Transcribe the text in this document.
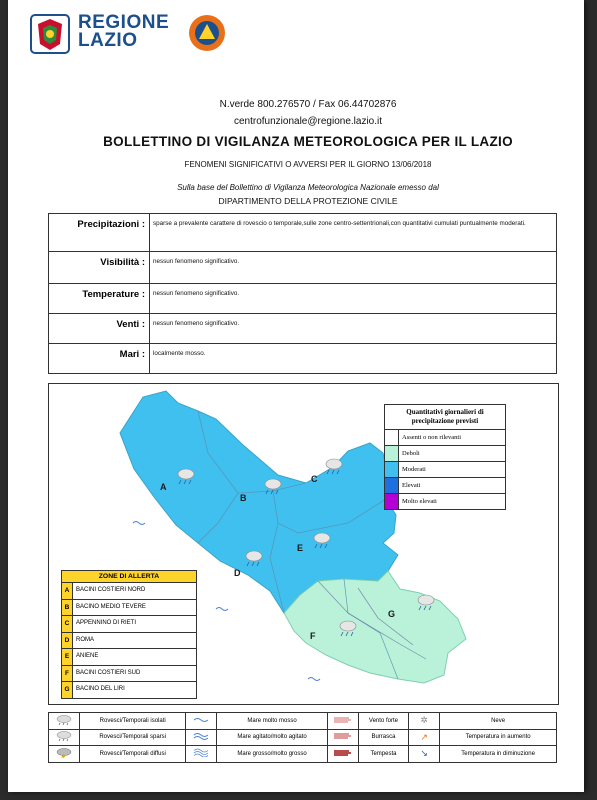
REGIONE
LAZIO
N.verde 800.276570 / Fax 06.44702876
centrofunzionale@regione.lazio.it
BOLLETTINO DI VIGILANZA METEOROLOGICA PER IL LAZIO
FENOMENI SIGNIFICATIVI O AVVERSI PER IL GIORNO 13/06/2018
Sulla base del Bollettino di Vigilanza Meteorologica Nazionale emesso dal
DIPARTIMENTO DELLA PROTEZIONE CIVILE
Precipitazioni :	sparse a prevalente carattere di rovescio o temporale,sulle zone centro-settentrionali,con quantitativi cumulati puntualmente moderati.
Visibilità :	nessun fenomeno significativo.
Temperature :	nessun fenomeno significativo.
Venti :	nessun fenomeno significativo.
Mari :	localmente mosso.
A
B
C
D
E
F
G
Quantitativi giornalieri di precipitazione previsti
Assenti o non rilevanti
Deboli
Moderati
Elevati
Molto elevati
ZONE DI ALLERTA
A	BACINI COSTIERI NORD
B	BACINO MEDIO TEVERE
C	APPENNINO DI RIETI
D	ROMA
E	ANIENE
F	BACINI COSTIERI SUD
G	BACINO DEL LIRI
	Rovesci/Temporali isolati		Mare molto mosso		Vento forte	✲	Neve
	Rovesci/Temporali sparsi		Mare agitato/molto agitato		Burrasca	↗	Temperatura in aumento
	Rovesci/Temporali diffusi		Mare grosso/molto grosso		Tempesta	↘	Temperatura in diminuzione
